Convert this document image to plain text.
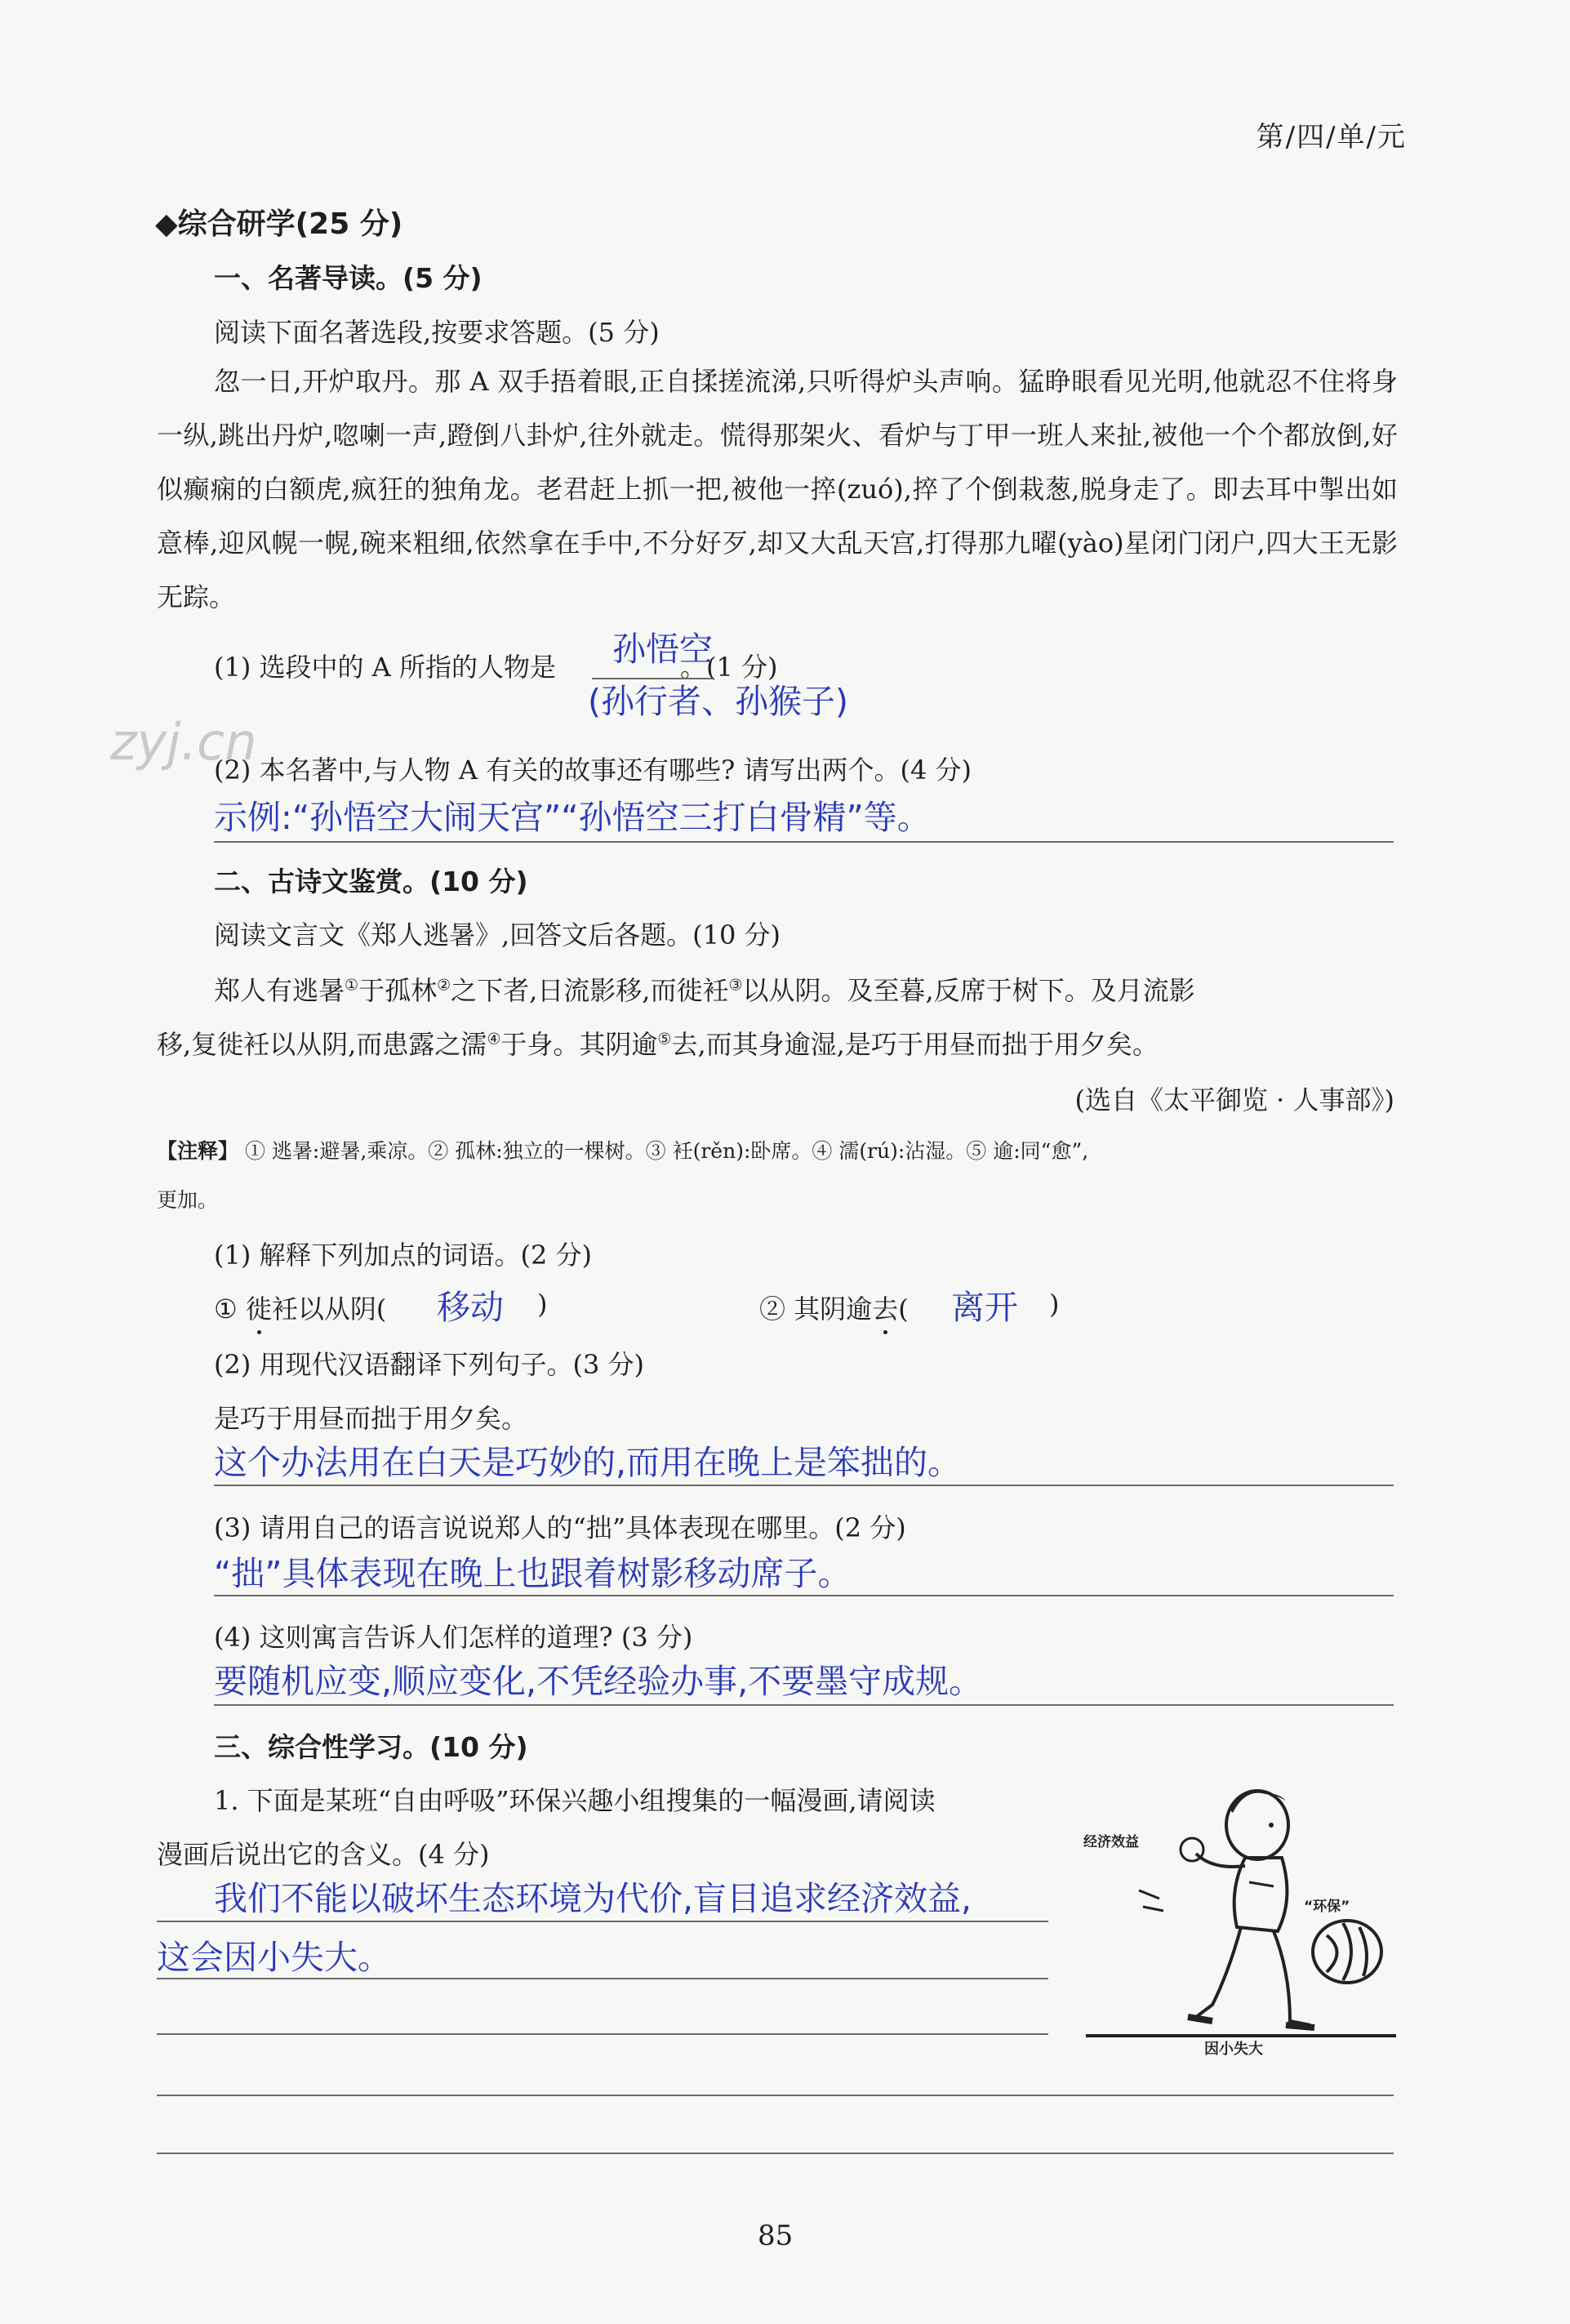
第/四/单/元
◆综合研学(25 分)
一、名著导读。(5 分)
阅读下面名著选段,按要求答题。(5 分)
忽一日,开炉取丹。那 A 双手捂着眼,正自揉搓流涕,只听得炉头声响。猛睁眼看见光明,他就忍不住将身一纵,跳出丹炉,唿喇一声,蹬倒八卦炉,往外就走。慌得那架火、看炉与丁甲一班人来扯,被他一个个都放倒,好似癫痫的白额虎,疯狂的独角龙。老君赶上抓一把,被他一捽(zuó),捽了个倒栽葱,脱身走了。即去耳中掣出如意棒,迎风幌一幌,碗来粗细,依然拿在手中,不分好歹,却又大乱天宫,打得那九曜(yào)星闭门闭户,四大王无影无踪。
(1) 选段中的 A 所指的人物是	。(1 分)
孙悟空
(孙行者、孙猴子)
zyj.cn
(2) 本名著中,与人物 A 有关的故事还有哪些? 请写出两个。(4 分)
示例:“孙悟空大闹天宫”“孙悟空三打白骨精”等。
二、古诗文鉴赏。(10 分)
阅读文言文《郑人逃暑》,回答文后各题。(10 分)
郑人有逃暑①于孤林②之下者,日流影移,而徙衽③以从阴。及至暮,反席于树下。及月流影
移,复徙衽以从阴,而患露之濡④于身。其阴逾⑤去,而其身逾湿,是巧于用昼而拙于用夕矣。
(选自《太平御览 · 人事部》)
【注释】 ① 逃暑:避暑,乘凉。② 孤林:独立的一棵树。③ 衽(rěn):卧席。④ 濡(rú):沾湿。⑤ 逾:同“愈”,
更加。
(1) 解释下列加点的词语。(2 分)
① 徙衽以从阴( 移动 )	② 其阴逾去( 离开 )
(2) 用现代汉语翻译下列句子。(3 分)
是巧于用昼而拙于用夕矣。
这个办法用在白天是巧妙的,而用在晚上是笨拙的。
(3) 请用自己的语言说说郑人的“拙”具体表现在哪里。(2 分)
“拙”具体表现在晚上也跟着树影移动席子。
(4) 这则寓言告诉人们怎样的道理? (3 分)
要随机应变,顺应变化,不凭经验办事,不要墨守成规。
三、综合性学习。(10 分)
1. 下面是某班“自由呼吸”环保兴趣小组搜集的一幅漫画,请阅读
漫画后说出它的含义。(4 分)
我们不能以破坏生态环境为代价,盲目追求经济效益,
这会因小失大。
经济效益
“环保”
因小失大
85
